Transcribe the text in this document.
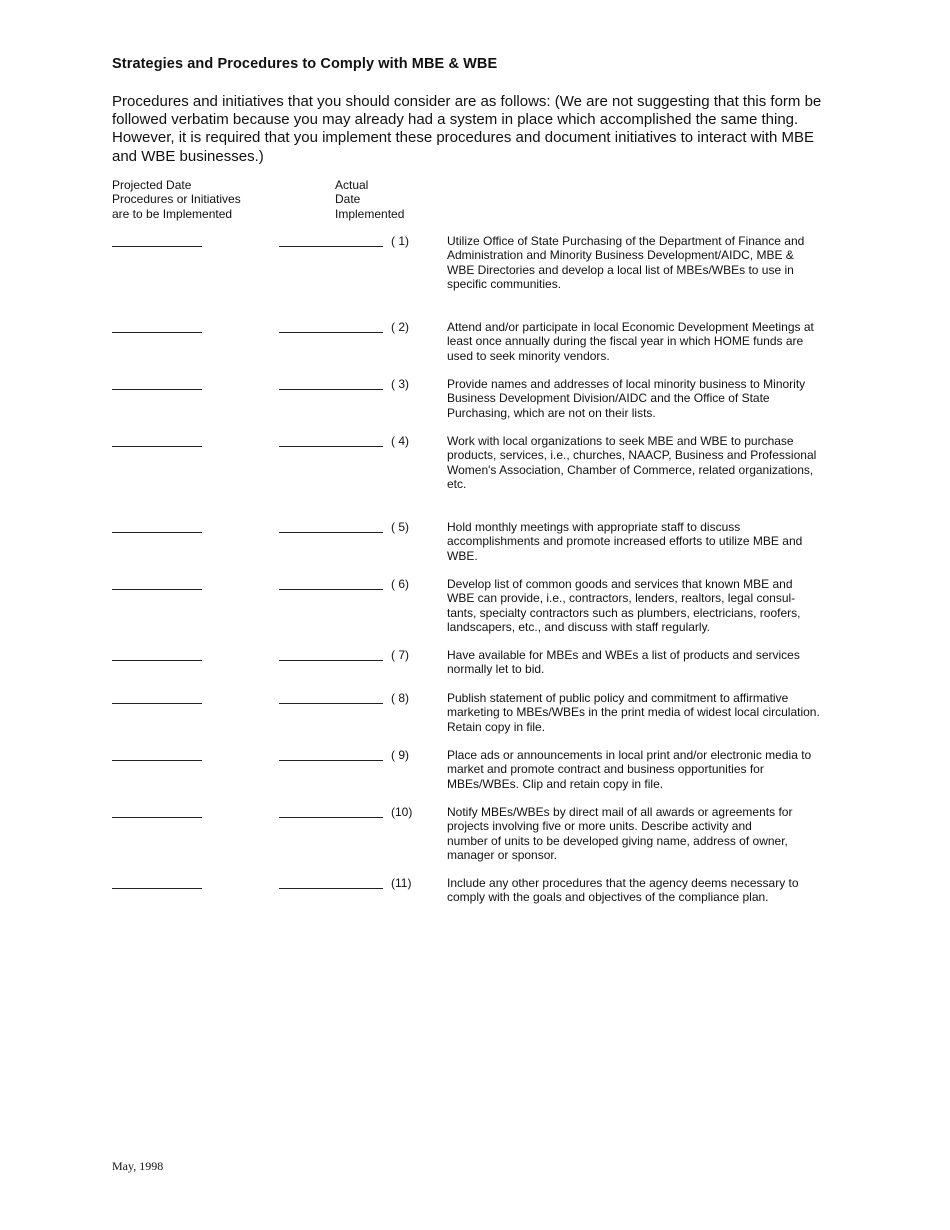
Strategies and Procedures to Comply with MBE & WBE
Procedures and initiatives that you should consider are as follows: (We are not suggesting that this form be followed verbatim because you may already had a system in place which accomplished the same thing. However, it is required that you implement these procedures and document initiatives to interact with MBE and WBE businesses.)
Projected Date
Procedures or Initiatives
are to be Implemented
Actual
Date
Implemented
( 1)	Utilize Office of State Purchasing of the Department of Finance and
Administration and Minority Business Development/AIDC, MBE &
WBE Directories and develop a local list of MBEs/WBEs to use in
specific communities.
( 2)	Attend and/or participate in local Economic Development Meetings at
least once annually during the fiscal year in which HOME funds are
used to seek minority vendors.
( 3)	Provide names and addresses of local minority business to Minority
Business Development Division/AIDC and the Office of State
Purchasing, which are not on their lists.
( 4)	Work with local organizations to seek MBE and WBE to purchase
products, services, i.e., churches, NAACP, Business and Professional
Women's Association, Chamber of Commerce, related organizations,
etc.
( 5)	Hold monthly meetings with appropriate staff to discuss
accomplishments and promote increased efforts to utilize MBE and
WBE.
( 6)	Develop list of common goods and services that known MBE and
WBE can provide, i.e., contractors, lenders, realtors, legal consul-
tants, specialty contractors such as plumbers, electricians, roofers,
landscapers, etc., and discuss with staff regularly.
( 7)	Have available for MBEs and WBEs a list of products and services
normally let to bid.
( 8)	Publish statement of public policy and commitment to affirmative
marketing to MBEs/WBEs in the print media of widest local circulation.
Retain copy in file.
( 9)	Place ads or announcements in local print and/or electronic media to
market and promote contract and business opportunities for
MBEs/WBEs. Clip and retain copy in file.
(10)	Notify MBEs/WBEs by direct mail of all awards or agreements for
projects involving five or more units. Describe activity and
number of units to be developed giving name, address of owner,
manager or sponsor.
(11)	Include any other procedures that the agency deems necessary to
comply with the goals and objectives of the compliance plan.
May, 1998
